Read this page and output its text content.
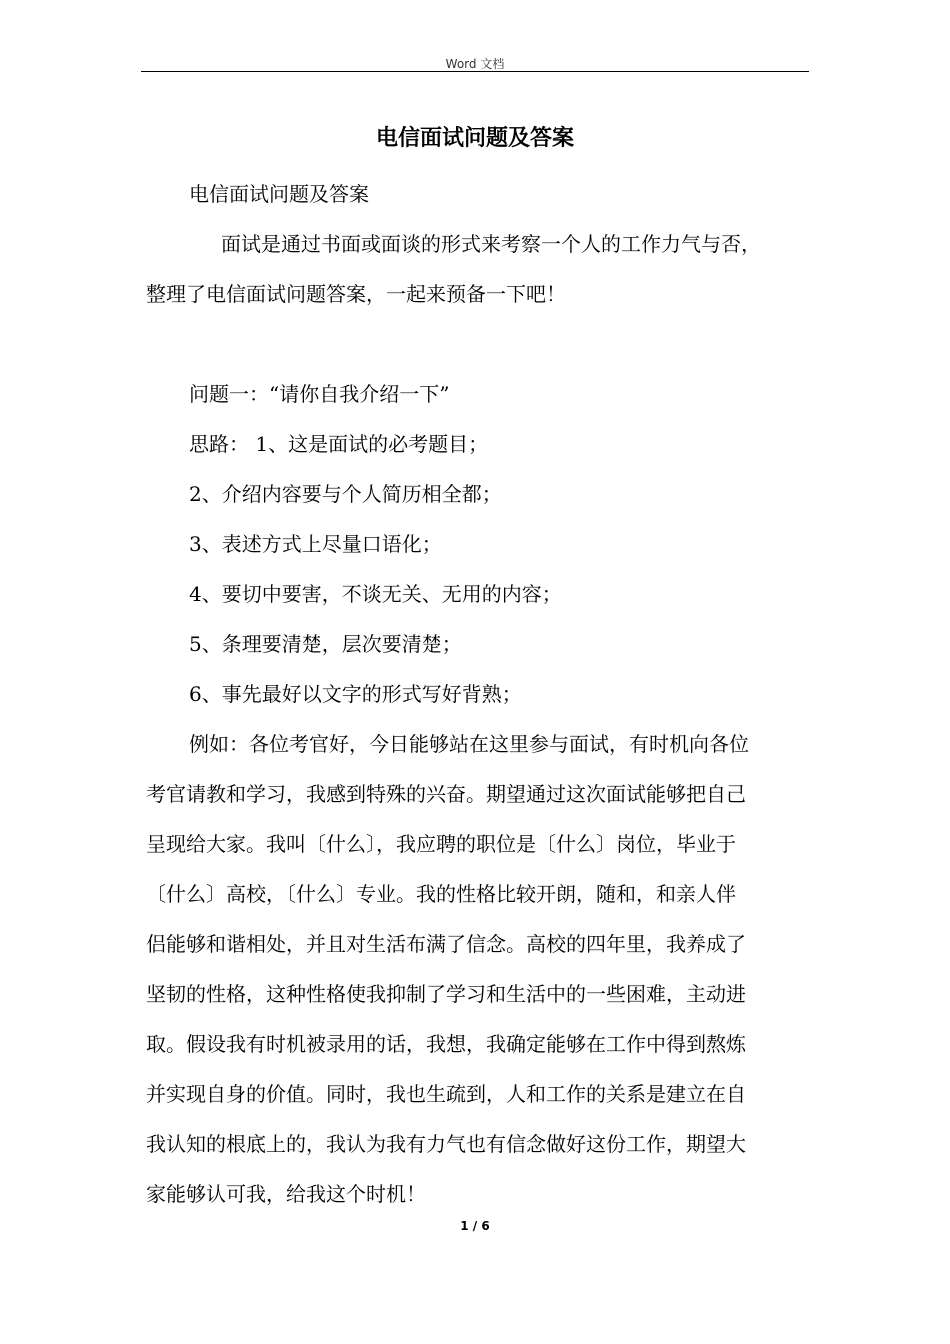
Word 文档
电信面试问题及答案
电信面试问题及答案
面试是通过书面或面谈的形式来考察一个人的工作力气与否，
整理了电信面试问题答案，一起来预备一下吧！
问题一：“请你自我介绍一下”
思路： 1、这是面试的必考题目；
2、介绍内容要与个人简历相全都；
3、表述方式上尽量口语化；
4、要切中要害，不谈无关、无用的内容；
5、条理要清楚，层次要清楚；
6、事先最好以文字的形式写好背熟；
例如：各位考官好，今日能够站在这里参与面试，有时机向各位
考官请教和学习，我感到特殊的兴奋。期望通过这次面试能够把自己
呈现给大家。我叫〔什么〕，我应聘的职位是〔什么〕岗位，毕业于
〔什么〕高校，〔什么〕专业。我的性格比较开朗，随和，和亲人伴
侣能够和谐相处，并且对生活布满了信念。高校的四年里，我养成了
坚韧的性格，这种性格使我抑制了学习和生活中的一些困难，主动进
取。假设我有时机被录用的话，我想，我确定能够在工作中得到熬炼
并实现自身的价值。同时，我也生疏到，人和工作的关系是建立在自
我认知的根底上的，我认为我有力气也有信念做好这份工作，期望大
家能够认可我，给我这个时机！
1 / 6
